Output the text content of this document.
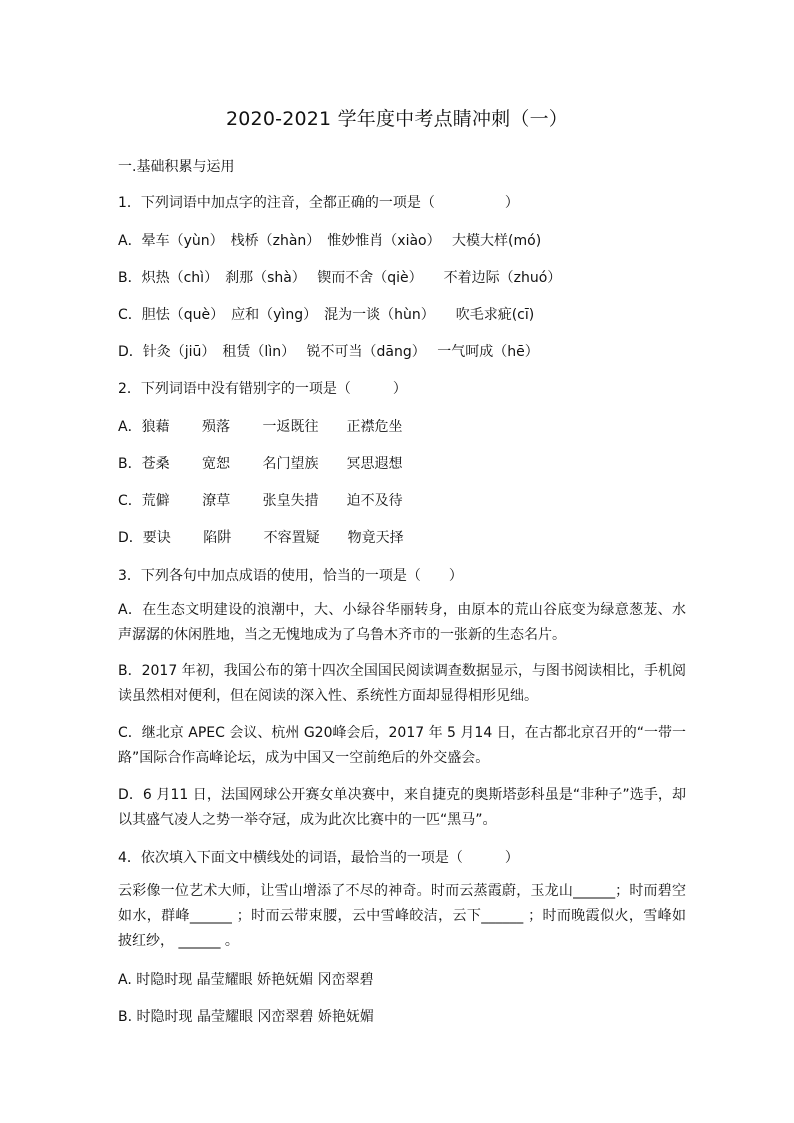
2020-2021 学年度中考点睛冲刺（一）
一.基础积累与运用
1．下列词语中加点字的注音，全都正确的一项是（　　　　　）
A．晕车（yùn）　栈桥（zhàn）　惟妙惟肖（xiào）　 大模大样(mó)
B．炽热（chì）　刹那（shà）　 锲而不舍（qiè）　　不着边际（zhuó）
C．胆怯（què）　应和（yìng）　混为一谈（hùn）　　吹毛求疵(cī)
D．针灸（jiū）　租赁（lìn）　 锐不可当（dāng）　 一气呵成（hē）
2．下列词语中没有错别字的一项是（　　　）
A．狼藉　　 殒落　　 一返既往　　正襟危坐
B．苍桑　　 宽恕　　 名门望族　　冥思遐想
C．荒僻　　 潦草　　 张皇失措　　迫不及待
D．要诀　　 陷阱　　 不容置疑　　物竟天择
3．下列各句中加点成语的使用，恰当的一项是（　　）
A．在生态文明建设的浪潮中，大、小绿谷华丽转身，由原本的荒山谷底变为绿意葱茏、水声潺潺的休闲胜地，当之无愧地成为了乌鲁木齐市的一张新的生态名片。
B．2017 年初，我国公布的第十四次全国国民阅读调查数据显示，与图书阅读相比，手机阅读虽然相对便利，但在阅读的深入性、系统性方面却显得相形见绌。
C．继北京 APEC 会议、杭州 G20峰会后，2017 年 5 月14 日，在古都北京召开的“一带一路”国际合作高峰论坛，成为中国又一空前绝后的外交盛会。
D．6 月11 日，法国网球公开赛女单决赛中，来自捷克的奥斯塔彭科虽是“非种子”选手，却以其盛气凌人之势一举夺冠，成为此次比赛中的一匹“黑马”。
4．依次填入下面文中横线处的词语，最恰当的一项是（　　　）
云彩像一位艺术大师，让雪山增添了不尽的神奇。时而云蒸霞蔚，玉龙山______；时而碧空如水，群峰______ ；时而云带束腰，云中雪峰皎洁，云下______ ；时而晚霞似火，雪峰如披红纱， ______ 。
A. 时隐时现 晶莹耀眼 娇艳妩媚 冈峦翠碧
B. 时隐时现 晶莹耀眼 冈峦翠碧 娇艳妩媚
